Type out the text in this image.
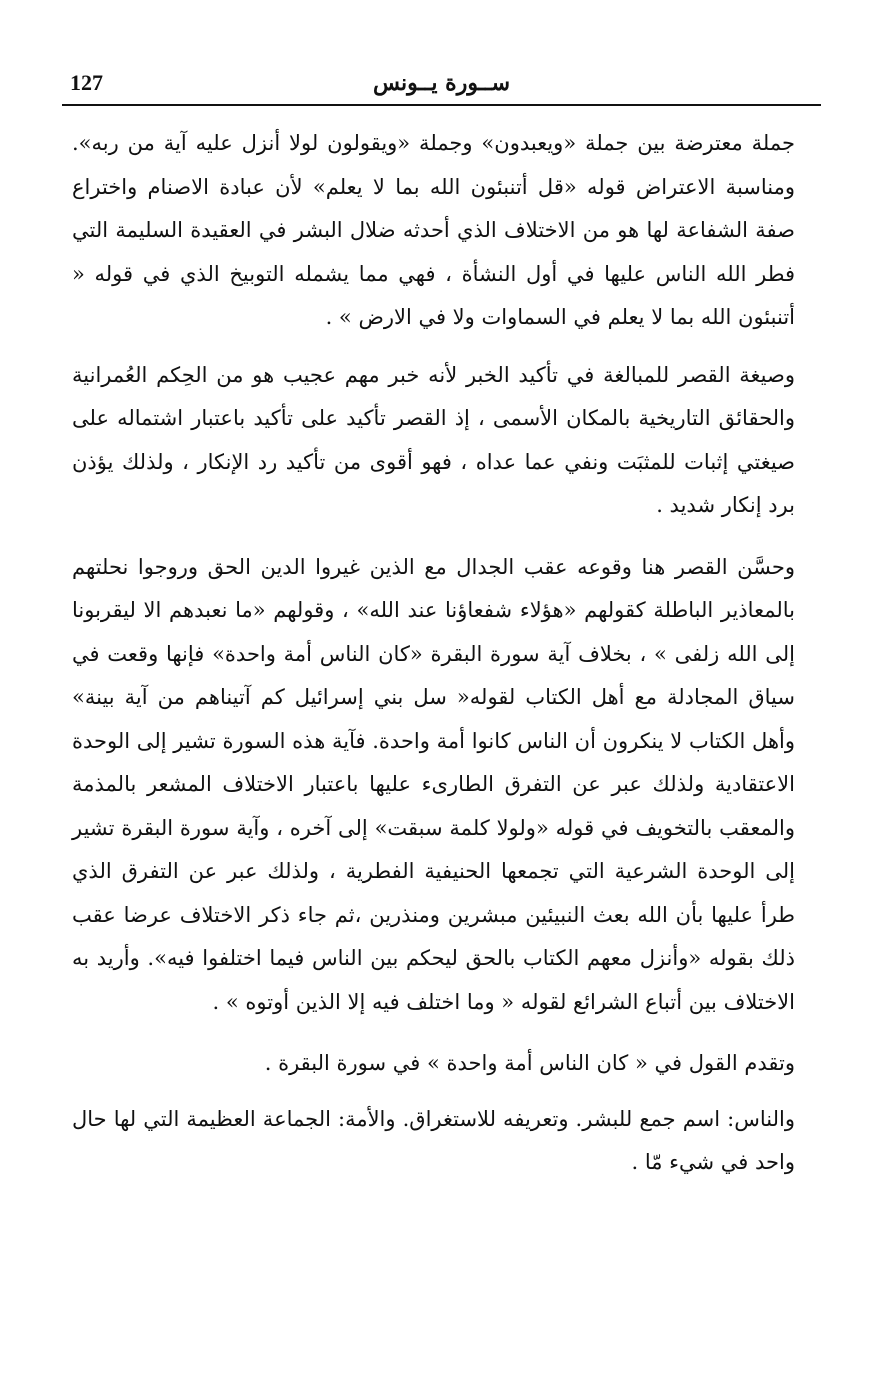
127	ســورة يــونس

جملة معترضة بين جملة «ويعبدون» وجملة «ويقولون لولا أنزل عليه آية من ربه». ومناسبة الاعتراض قوله «قل أتنبئون الله بما لا يعلم» لأن عبادة الاصنام واختراع صفة الشفاعة لها هو من الاختلاف الذي أحدثه ضلال البشر في العقيدة السليمة التي فطر الله الناس عليها في أول النشأة ، فهي مما يشمله التوبيخ الذي في قوله « أتنبئون الله بما لا يعلم في السماوات ولا في الارض » .

وصيغة القصر للمبالغة في تأكيد الخبر لأنه خبر مهم عجيب هو من الحِكم العُمرانية والحقائق التاريخية بالمكان الأسمى ، إذ القصر تأكيد على تأكيد باعتبار اشتماله على صيغتي إثبات للمثبَت ونفي عما عداه ، فهو أقوى من تأكيد رد الإنكار ، ولذلك يؤذن برد إنكار شديد .

وحسَّن القصر هنا وقوعه عقب الجدال مع الذين غيروا الدين الحق وروجوا نحلتهم بالمعاذير الباطلة كقولهم «هؤلاء شفعاؤنا عند الله» ، وقولهم «ما نعبدهم الا ليقربونا إلى الله زلفى » ، بخلاف آية سورة البقرة «كان الناس أمة واحدة» فإنها وقعت في سياق المجادلة مع أهل الكتاب لقوله« سل بني إسرائيل كم آتيناهم من آية بينة» وأهل الكتاب لا ينكرون أن الناس كانوا أمة واحدة. فآية هذه السورة تشير إلى الوحدة الاعتقادية ولذلك عبر عن التفرق الطارىء عليها باعتبار الاختلاف المشعر بالمذمة والمعقب بالتخويف في قوله «ولولا كلمة سبقت» إلى آخره ، وآية سورة البقرة تشير إلى الوحدة الشرعية التي تجمعها الحنيفية الفطرية ، ولذلك عبر عن التفرق الذي طرأ عليها بأن الله بعث النبيئين مبشرين ومنذرين ،ثم جاء ذكر الاختلاف عرضا عقب ذلك بقوله «وأنزل معهم الكتاب بالحق ليحكم بين الناس فيما اختلفوا فيه». وأريد به الاختلاف بين أتباع الشرائع لقوله « وما اختلف فيه إلا الذين أوتوه » .

وتقدم القول في « كان الناس أمة واحدة » في سورة البقرة .

والناس: اسم جمع للبشر. وتعريفه للاستغراق. والأمة: الجماعة العظيمة التي لها حال واحد في شيء مّا .
